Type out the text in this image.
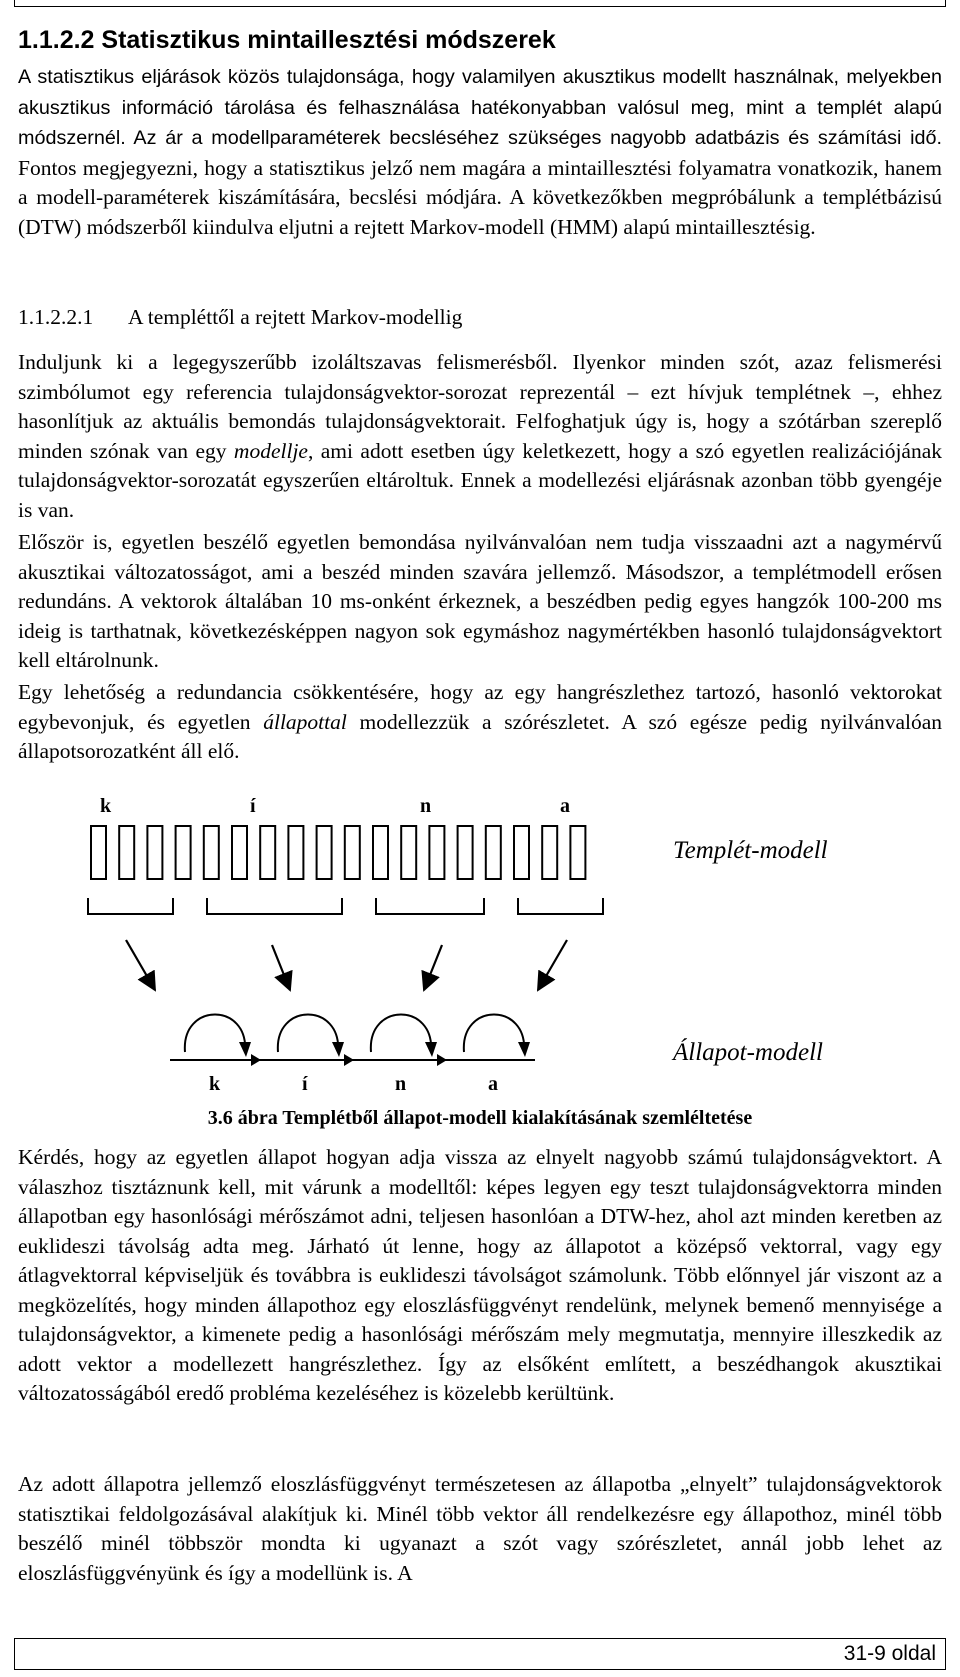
1.1.2.2 Statisztikus mintaillesztési módszerek

A statisztikus eljárások közös tulajdonsága, hogy valamilyen akusztikus modellt használnak, melyekben akusztikus információ tárolása és felhasználása hatékonyabban valósul meg, mint a templét alapú módszernél. Az ár a modellparaméterek becsléséhez szükséges nagyobb adatbázis és számítási idő. Fontos megjegyezni, hogy a statisztikus jelző nem magára a mintaillesztési folyamatra vonatkozik, hanem a modell-paraméterek kiszámítására, becslési módjára. A következőkben megpróbálunk a templétbázisú (DTW) módszerből kiindulva eljutni a rejtett Markov-modell (HMM) alapú mintaillesztésig.

1.1.2.2.1 A templéttől a rejtett Markov-modellig

Induljunk ki a legegyszerűbb izoláltszavas felismerésből. Ilyenkor minden szót, azaz felismerési szimbólumot egy referencia tulajdonságvektor-sorozat reprezentál – ezt hívjuk templétnek –, ehhez hasonlítjuk az aktuális bemondás tulajdonságvektorait. Felfoghatjuk úgy is, hogy a szótárban szereplő minden szónak van egy modellje, ami adott esetben úgy keletkezett, hogy a szó egyetlen realizációjának tulajdonságvektor-sorozatát egyszerűen eltároltuk. Ennek a modellezési eljárásnak azonban több gyengéje is van.

Először is, egyetlen beszélő egyetlen bemondása nyilvánvalóan nem tudja visszaadni azt a nagymérvű akusztikai változatosságot, ami a beszéd minden szavára jellemző. Másodszor, a templétmodell erősen redundáns. A vektorok általában 10 ms-onként érkeznek, a beszédben pedig egyes hangzók 100-200 ms ideig is tarthatnak, következésképpen nagyon sok egymáshoz nagymértékben hasonló tulajdonságvektort kell eltárolnunk.

Egy lehetőség a redundancia csökkentésére, hogy az egy hangrészlethez tartozó, hasonló vektorokat egybevonjuk, és egyetlen állapottal modellezzük a szórészletet. A szó egésze pedig nyilvánvalóan állapotsorozatként áll elő.

k	í	n	a
k	í	n	a
Templét-modell
Állapot-modell
3.6 ábra Templétből állapot-modell kialakításának szemléltetése

Kérdés, hogy az egyetlen állapot hogyan adja vissza az elnyelt nagyobb számú tulajdonságvektort. A válaszhoz tisztáznunk kell, mit várunk a modelltől: képes legyen egy teszt tulajdonságvektorra minden állapotban egy hasonlósági mérőszámot adni, teljesen hasonlóan a DTW-hez, ahol azt minden keretben az euklideszi távolság adta meg. Járható út lenne, hogy az állapotot a középső vektorral, vagy egy átlagvektorral képviseljük és továbbra is euklideszi távolságot számolunk. Több előnnyel jár viszont az a megközelítés, hogy minden állapothoz egy eloszlásfüggvényt rendelünk, melynek bemenő mennyisége a tulajdonságvektor, a kimenete pedig a hasonlósági mérőszám mely megmutatja, mennyire illeszkedik az adott vektor a modellezett hangrészlethez. Így az elsőként említett, a beszédhangok akusztikai változatosságából eredő probléma kezeléséhez is közelebb kerültünk.

Az adott állapotra jellemző eloszlásfüggvényt természetesen az állapotba „elnyelt” tulajdonságvektorok statisztikai feldolgozásával alakítjuk ki. Minél több vektor áll rendelkezésre egy állapothoz, minél több beszélő minél többször mondta ki ugyanazt a szót vagy szórészletet, annál jobb lehet az eloszlásfüggvényünk és így a modellünk is. A

31-9 oldal
